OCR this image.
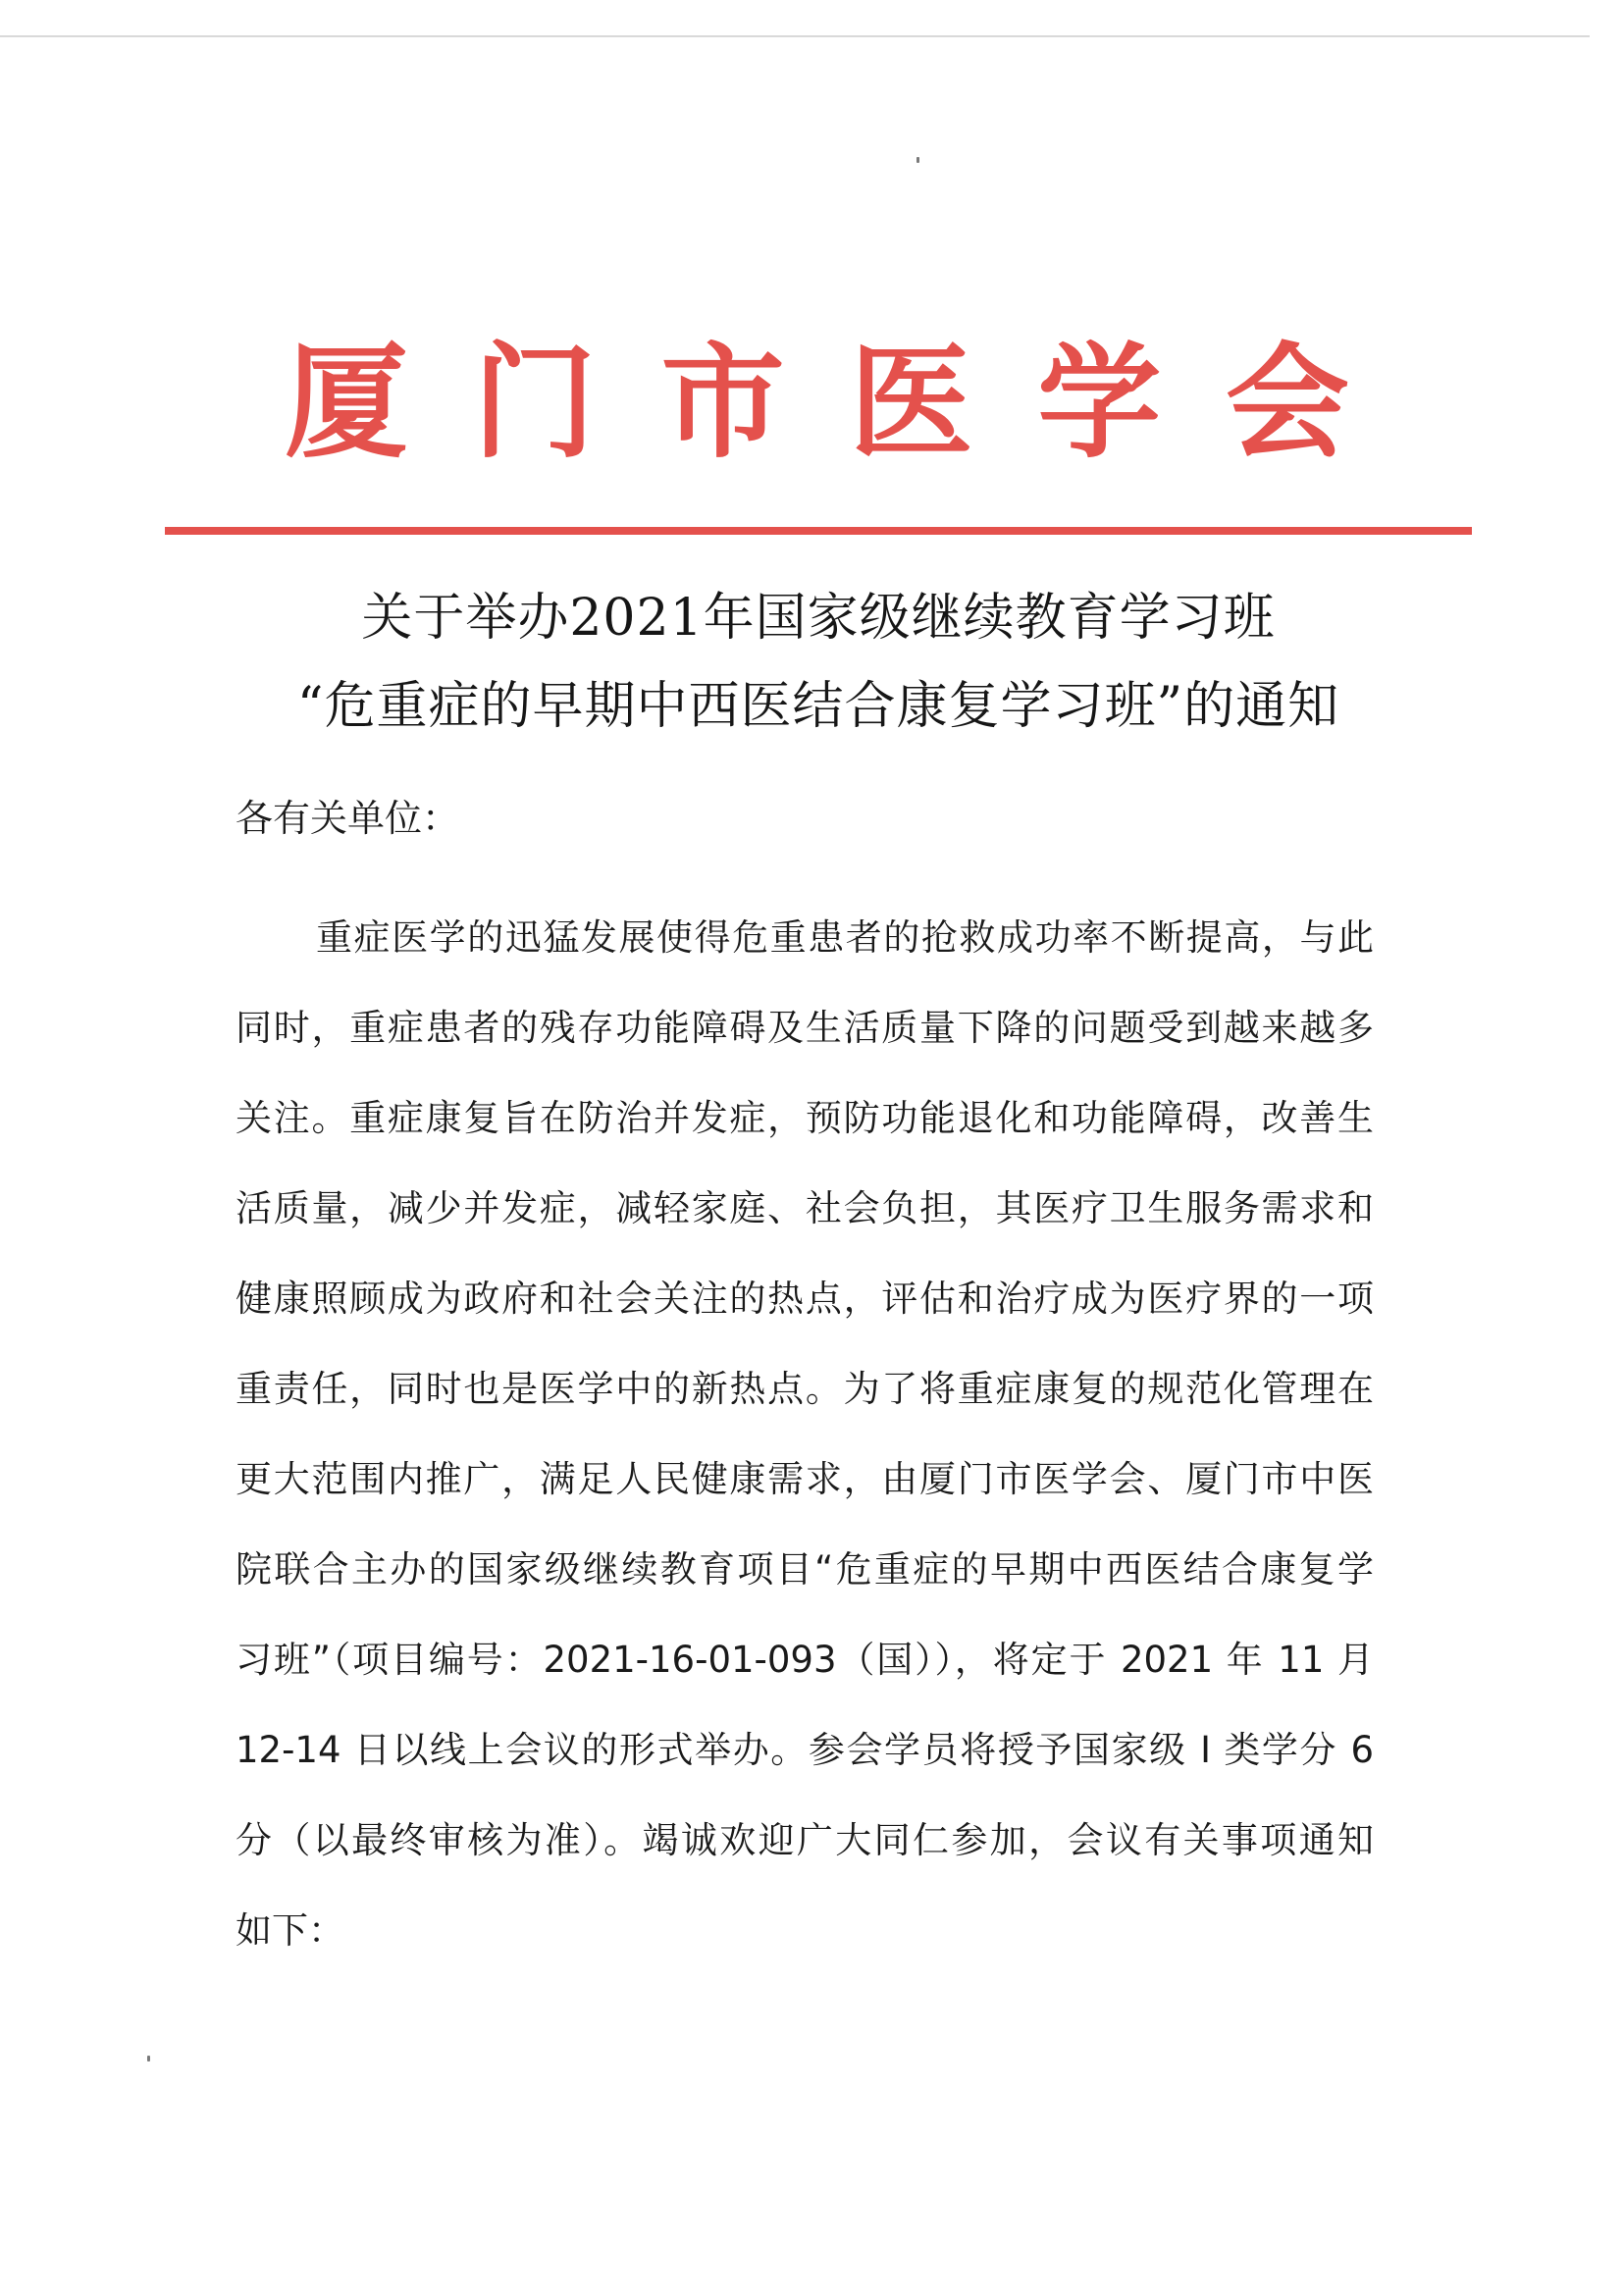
厦 门 市 医 学 会
关于举办2021年国家级继续教育学习班
“危重症的早期中西医结合康复学习班”的通知
各有关单位：
重症医学的迅猛发展使得危重患者的抢救成功率不断提高，与此
同时，重症患者的残存功能障碍及生活质量下降的问题受到越来越多
关注。重症康复旨在防治并发症，预防功能退化和功能障碍，改善生
活质量，减少并发症，减轻家庭、社会负担，其医疗卫生服务需求和
健康照顾成为政府和社会关注的热点，评估和治疗成为医疗界的一项
重责任，同时也是医学中的新热点。为了将重症康复的规范化管理在
更大范围内推广，满足人民健康需求，由厦门市医学会、厦门市中医
院联合主办的国家级继续教育项目“危重症的早期中西医结合康复学
习班”（项目编号：2021-16-01-093（国）），将定于 2021 年 11 月
12-14 日以线上会议的形式举办。参会学员将授予国家级 I 类学分 6
分（以最终审核为准）。竭诚欢迎广大同仁参加，会议有关事项通知
如下：
